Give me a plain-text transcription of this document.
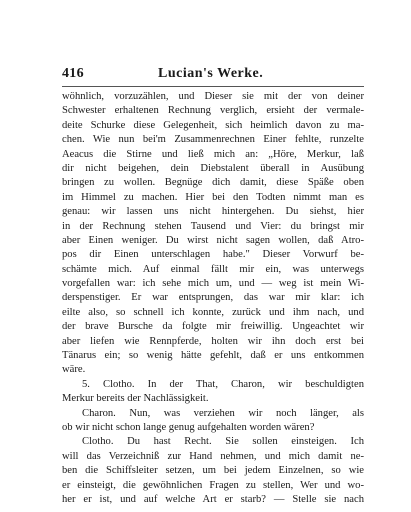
416	Lucian's Werke.
wöhnlich, vorzuzählen, und Dieser sie mit der von deiner
Schwester erhaltenen Rechnung verglich, ersieht der vermale-
deite Schurke diese Gelegenheit, sich heimlich davon zu ma-
chen. Wie nun bei'm Zusammenrechnen Einer fehlte, runzelte
Aeacus die Stirne und ließ mich an: „Höre, Merkur, laß
dir nicht beigehen, dein Diebstalent überall in Ausübung
bringen zu wollen. Begnüge dich damit, diese Späße oben
im Himmel zu machen. Hier bei den Todten nimmt man es
genau: wir lassen uns nicht hintergehen. Du siehst, hier
in der Rechnung stehen Tausend und Vier: du bringst mir
aber Einen weniger. Du wirst nicht sagen wollen, daß Atro-
pos dir Einen unterschlagen habe." Dieser Vorwurf be-
schämte mich. Auf einmal fällt mir ein, was unterwegs
vorgefallen war: ich sehe mich um, und — weg ist mein Wi-
derspenstiger. Er war entsprungen, das war mir klar: ich
eilte also, so schnell ich konnte, zurück und ihm nach, und
der brave Bursche da folgte mir freiwillig. Ungeachtet wir
aber liefen wie Rennpferde, holten wir ihn doch erst bei
Tänarus ein; so wenig hätte gefehlt, daß er uns entkommen
wäre.
5. Clotho. In der That, Charon, wir beschuldigten
Merkur bereits der Nachlässigkeit.
Charon. Nun, was verziehen wir noch länger, als
ob wir nicht schon lange genug aufgehalten worden wären?
Clotho. Du hast Recht. Sie sollen einsteigen. Ich
will das Verzeichniß zur Hand nehmen, und mich damit ne-
ben die Schiffsleiter setzen, um bei jedem Einzelnen, so wie
er einsteigt, die gewöhnlichen Fragen zu stellen, Wer und wo-
her er ist, und auf welche Art er starb? — Stelle sie nach
